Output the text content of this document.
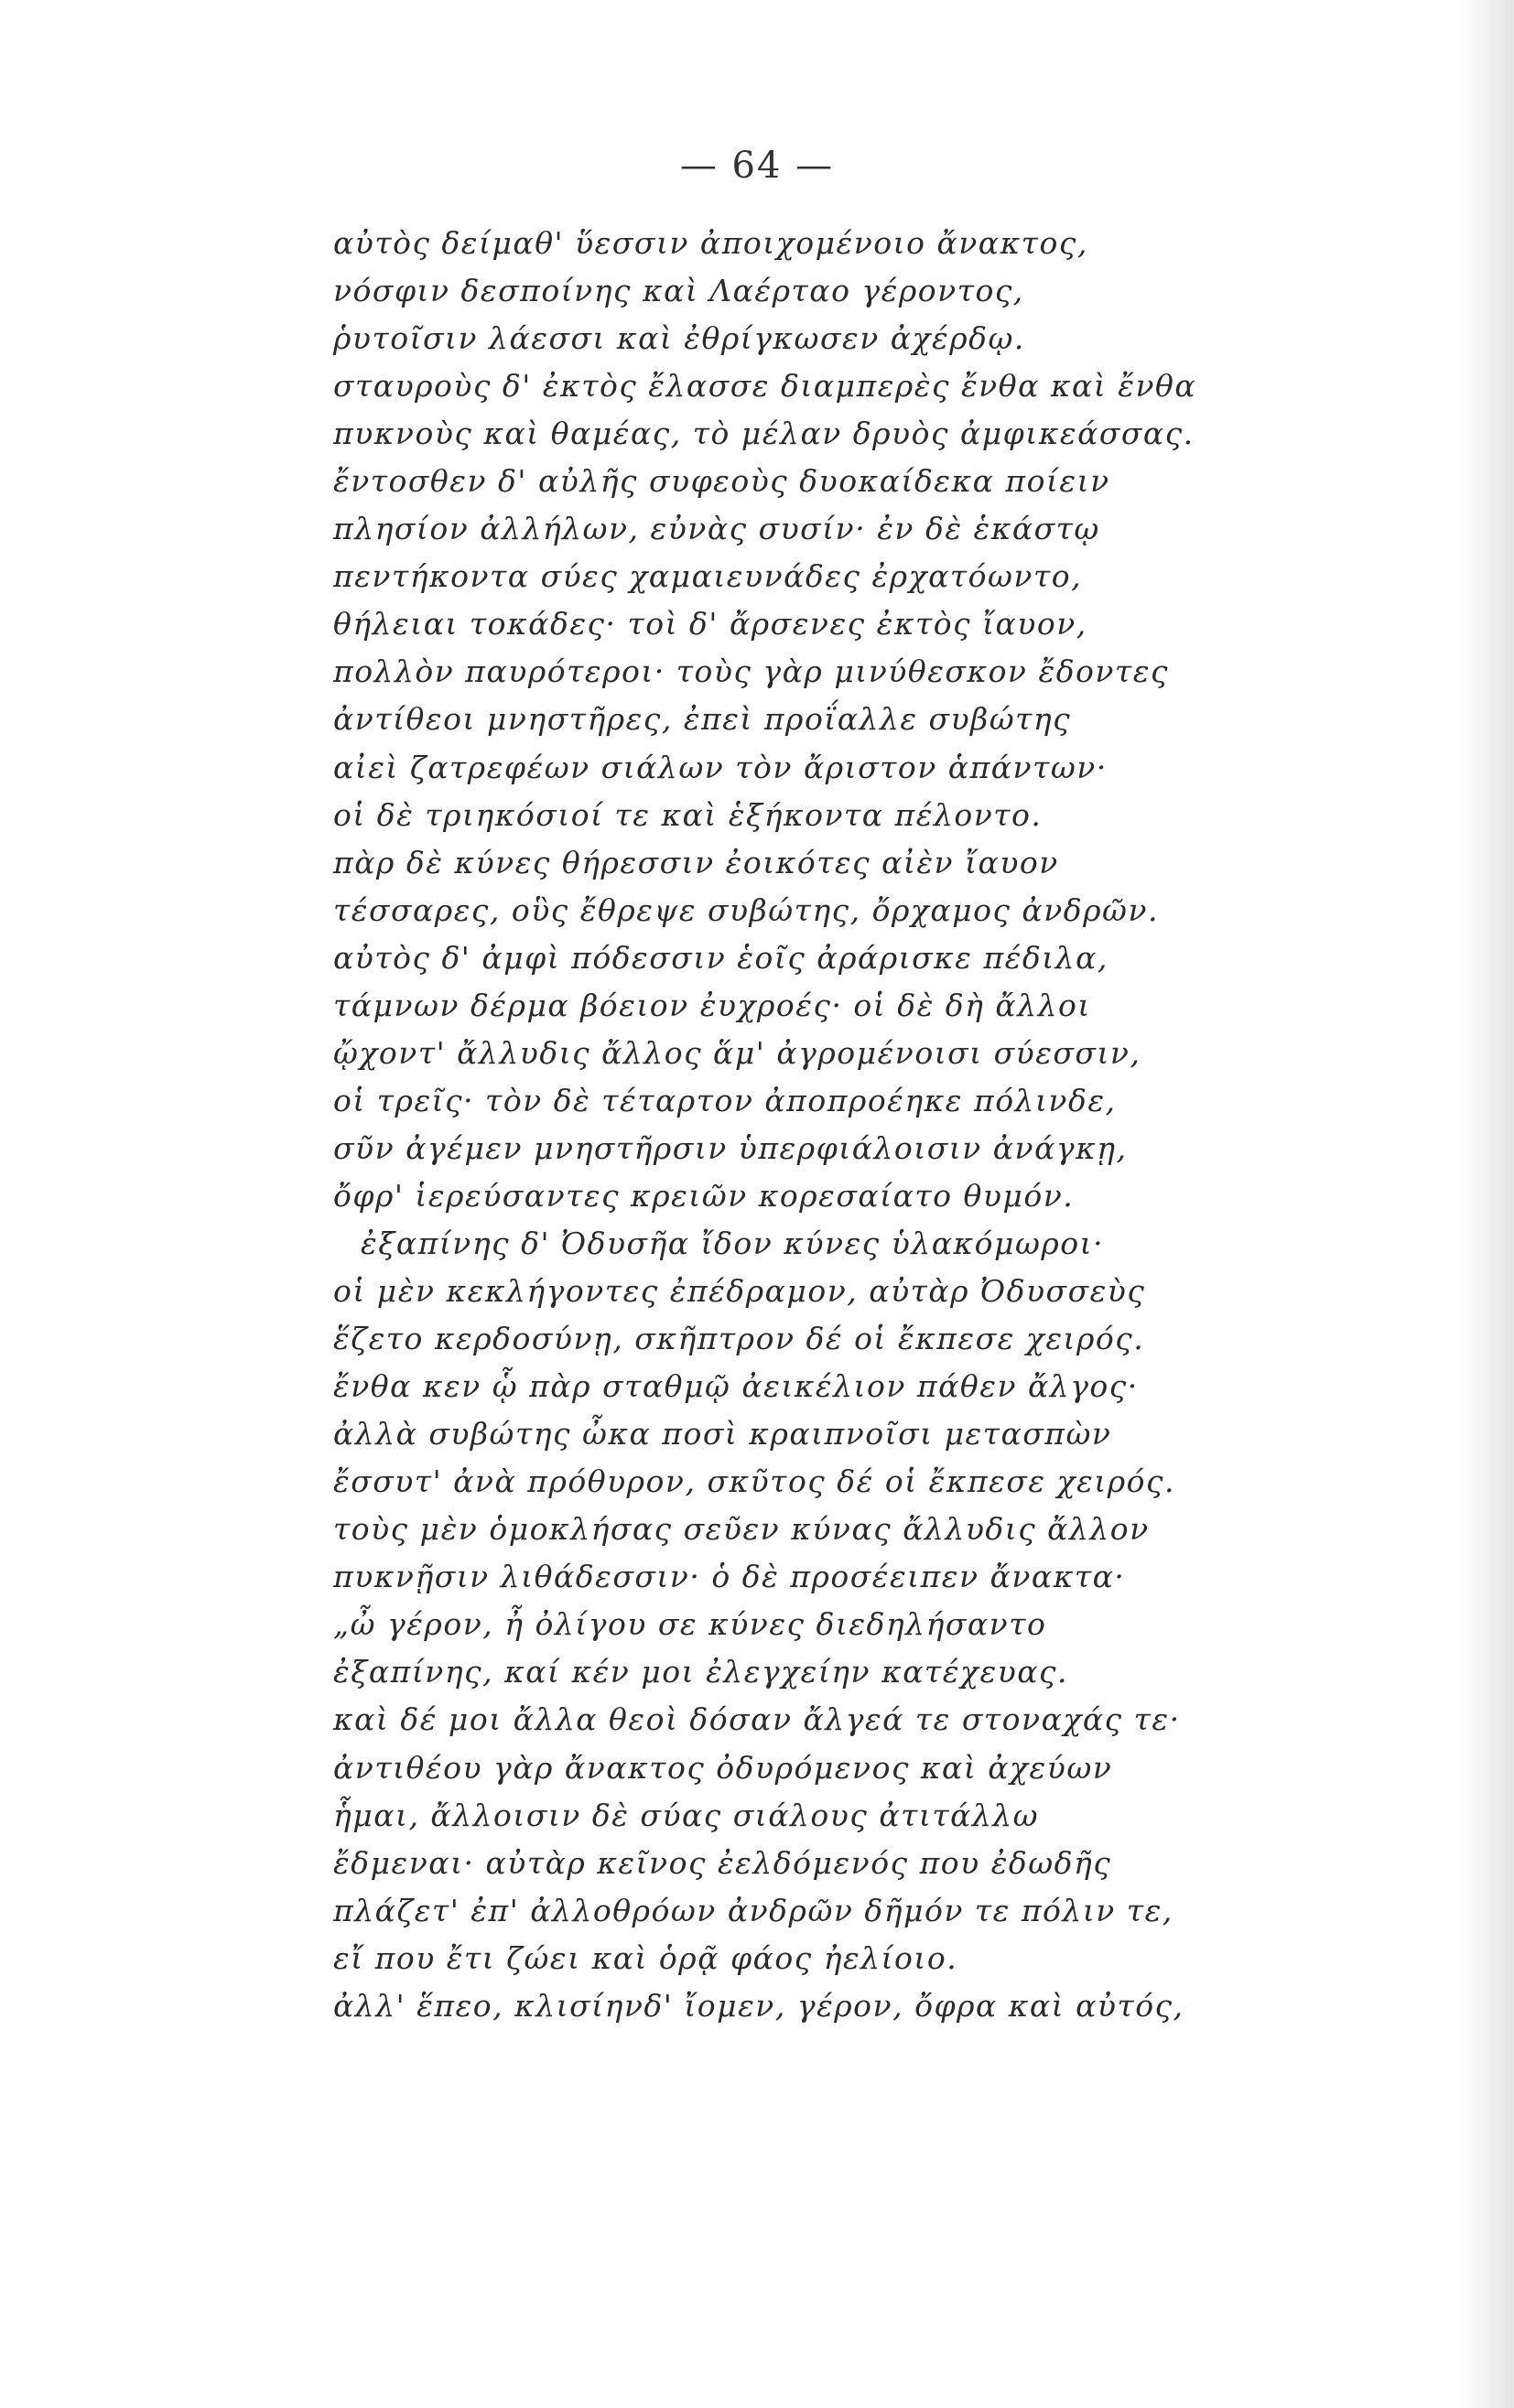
— 64 —
αὐτὸς δείμαθ' ὕεσσιν ἀποιχομένοιο ἄνακτος,
νόσφιν δεσποίνης καὶ Λαέρταο γέροντος,
ῥυτοῖσιν λάεσσι καὶ ἐθρίγκωσεν ἀχέρδῳ.
σταυροὺς δ' ἐκτὸς ἔλασσε διαμπερὲς ἔνθα καὶ ἔνθα
πυκνοὺς καὶ θαμέας, τὸ μέλαν δρυὸς ἀμφικεάσσας.
ἔντοσθεν δ' αὐλῆς συφεοὺς δυοκαίδεκα ποίειν
πλησίον ἀλλήλων, εὐνὰς συσίν· ἐν δὲ ἑκάστῳ
πεντήκοντα σύες χαμαιευνάδες ἐρχατόωντο,
θήλειαι τοκάδες· τοὶ δ' ἄρσενες ἐκτὸς ἴαυον,
πολλὸν παυρότεροι· τοὺς γὰρ μινύθεσκον ἔδοντες
ἀντίθεοι μνηστῆρες, ἐπεὶ προΐαλλε συβώτης
αἰεὶ ζατρεφέων σιάλων τὸν ἄριστον ἁπάντων·
οἱ δὲ τριηκόσιοί τε καὶ ἑξήκοντα πέλοντο.
πὰρ δὲ κύνες θήρεσσιν ἐοικότες αἰὲν ἴαυον
τέσσαρες, οὓς ἔθρεψε συβώτης, ὄρχαμος ἀνδρῶν.
αὐτὸς δ' ἀμφὶ πόδεσσιν ἑοῖς ἀράρισκε πέδιλα,
τάμνων δέρμα βόειον ἐυχροές· οἱ δὲ δὴ ἄλλοι
ᾤχοντ' ἄλλυδις ἄλλος ἅμ' ἀγρομένοισι σύεσσιν,
οἱ τρεῖς· τὸν δὲ τέταρτον ἀποπροέηκε πόλινδε,
σῦν ἀγέμεν μνηστῆρσιν ὑπερφιάλοισιν ἀνάγκῃ,
ὄφρ' ἱερεύσαντες κρειῶν κορεσαίατο θυμόν.
ἐξαπίνης δ' Ὀδυσῆα ἴδον κύνες ὑλακόμωροι·
οἱ μὲν κεκλήγοντες ἐπέδραμον, αὐτὰρ Ὀδυσσεὺς
ἕζετο κερδοσύνῃ, σκῆπτρον δέ οἱ ἔκπεσε χειρός.
ἔνθα κεν ᾧ πὰρ σταθμῷ ἀεικέλιον πάθεν ἄλγος·
ἀλλὰ συβώτης ὦκα ποσὶ κραιπνοῖσι μετασπὼν
ἔσσυτ' ἀνὰ πρόθυρον, σκῦτος δέ οἱ ἔκπεσε χειρός.
τοὺς μὲν ὁμοκλήσας σεῦεν κύνας ἄλλυδις ἄλλον
πυκνῇσιν λιθάδεσσιν· ὁ δὲ προσέειπεν ἄνακτα·
„ὦ γέρον, ἦ ὀλίγου σε κύνες διεδηλήσαντο
ἐξαπίνης, καί κέν μοι ἐλεγχείην κατέχευας.
καὶ δέ μοι ἄλλα θεοὶ δόσαν ἄλγεά τε στοναχάς τε·
ἀντιθέου γὰρ ἄνακτος ὀδυρόμενος καὶ ἀχεύων
ἧμαι, ἄλλοισιν δὲ σύας σιάλους ἀτιτάλλω
ἔδμεναι· αὐτὰρ κεῖνος ἐελδόμενός που ἐδωδῆς
πλάζετ' ἐπ' ἀλλοθρόων ἀνδρῶν δῆμόν τε πόλιν τε,
εἴ που ἔτι ζώει καὶ ὁρᾷ φάος ἠελίοιο.
ἀλλ' ἕπεο, κλισίηνδ' ἴομεν, γέρον, ὄφρα καὶ αὐτός,
